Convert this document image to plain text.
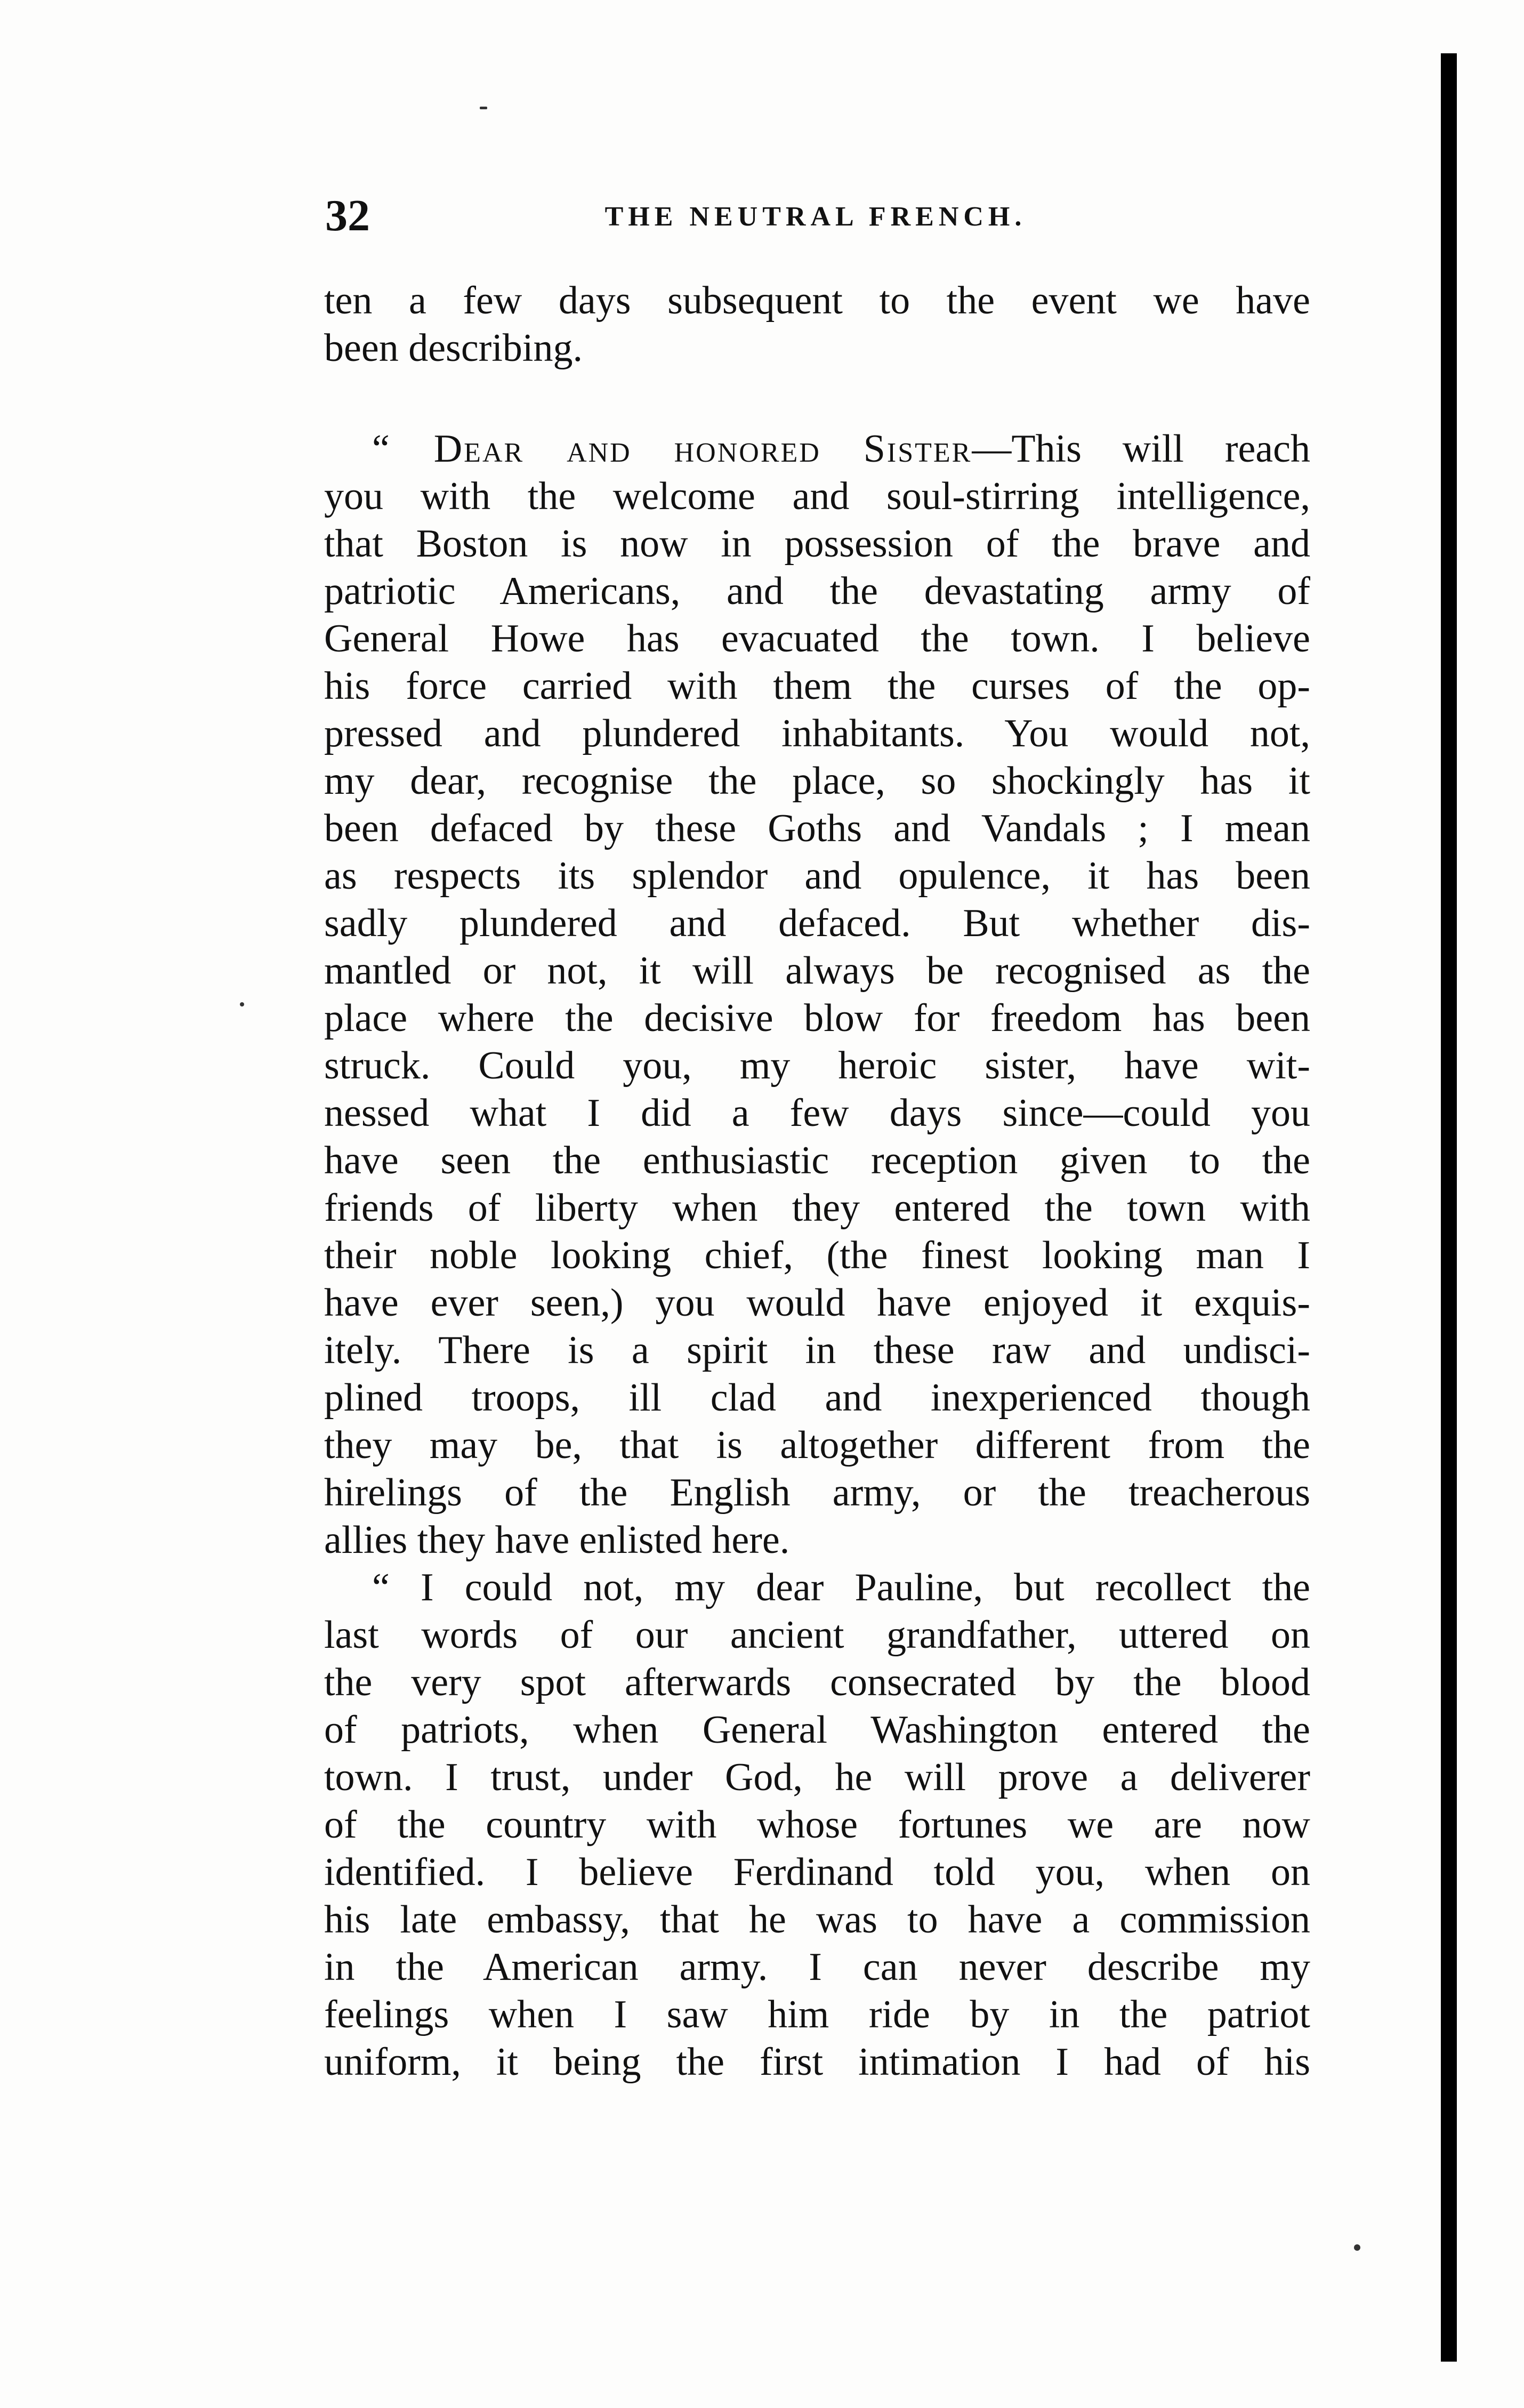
32	THE NEUTRAL FRENCH.

ten a few days subsequent to the event we have

been describing.

“ Dear and honored Sister—This will reach

you with the welcome and soul-stirring intelligence,

that Boston is now in possession of the brave and

patriotic Americans, and the devastating army of

General Howe has evacuated the town. I believe

his force carried with them the curses of the op-

pressed and plundered inhabitants. You would not,

my dear, recognise the place, so shockingly has it

been defaced by these Goths and Vandals ; I mean

as respects its splendor and opulence, it has been

sadly plundered and defaced. But whether dis-

mantled or not, it will always be recognised as the

place where the decisive blow for freedom has been

struck. Could you, my heroic sister, have wit-

nessed what I did a few days since—could you

have seen the enthusiastic reception given to the

friends of liberty when they entered the town with

their noble looking chief, (the finest looking man I

have ever seen,) you would have enjoyed it exquis-

itely. There is a spirit in these raw and undisci-

plined troops, ill clad and inexperienced though

they may be, that is altogether different from the

hirelings of the English army, or the treacherous

allies they have enlisted here.

“ I could not, my dear Pauline, but recollect the

last words of our ancient grandfather, uttered on

the very spot afterwards consecrated by the blood

of patriots, when General Washington entered the

town. I trust, under God, he will prove a deliverer

of the country with whose fortunes we are now

identified. I believe Ferdinand told you, when on

his late embassy, that he was to have a commission

in the American army. I can never describe my

feelings when I saw him ride by in the patriot

uniform, it being the first intimation I had of his
